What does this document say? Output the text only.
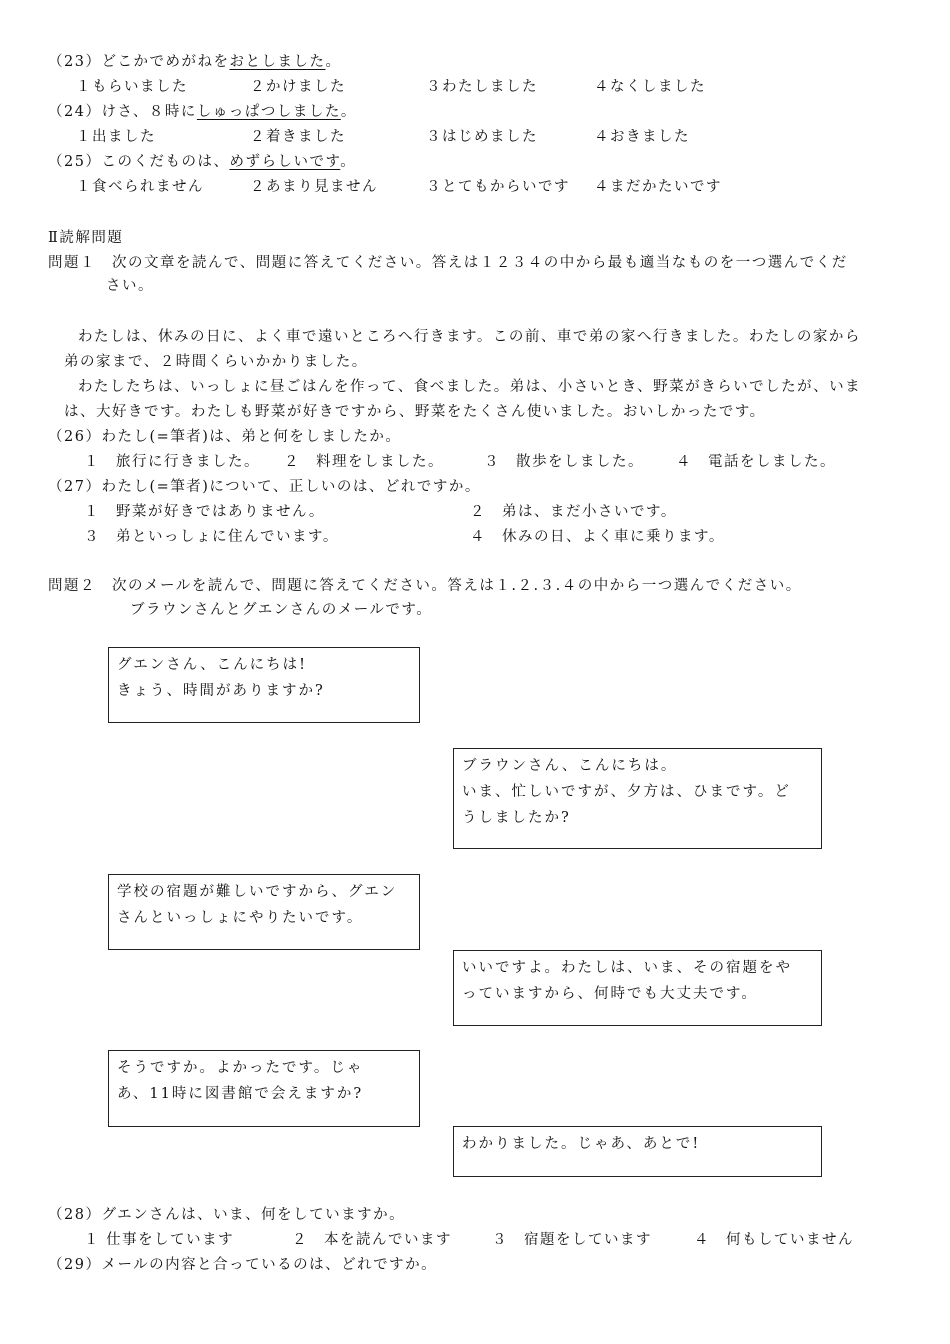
（23）どこかでめがねをおとしました。
１もらいました	２かけました	３わたしました	４なくしました
（24）けさ、８時にしゅっぱつしました。
１出ました	２着きました	３はじめました	４おきました
（25）このくだものは、めずらしいです。
１食べられません	２あまり見ません	３とてもからいです ４まだかたいです
Ⅱ読解問題
問題１　次の文章を読んで、問題に答えてください。答えは１２３４の中から最も適当なものを一つ選んでくだ
さい。
わたしは、休みの日に、よく車で遠いところへ行きます。この前、車で弟の家へ行きました。わたしの家から
弟の家まで、２時間くらいかかりました。
わたしたちは、いっしょに昼ごはんを作って、食べました。弟は、小さいとき、野菜がきらいでしたが、いま
は、大好きです。わたしも野菜が好きですから、野菜をたくさん使いました。おいしかったです。
（26）わたし(=筆者)は、弟と何をしましたか。
１　旅行に行きました。 ２　料理をしました。	３　散歩をしました。 ４　電話をしました。
（27）わたし(=筆者)について、正しいのは、どれですか。
１　野菜が好きではありません。	２　弟は、まだ小さいです。
３　弟といっしょに住んでいます。	４　休みの日、よく車に乗ります。
問題２　次のメールを読んで、問題に答えてください。答えは１.２.３.４の中から一つ選んでください。
ブラウンさんとグエンさんのメールです。
グエンさん、こんにちは!
きょう、時間がありますか?
ブラウンさん、こんにちは。
いま、忙しいですが、夕方は、ひまです。ど
うしましたか?
学校の宿題が難しいですから、グエン
さんといっしょにやりたいです。
いいですよ。わたしは、いま、その宿題をや
っていますから、何時でも大丈夫です。
そうですか。よかったです。じゃ
あ、11時に図書館で会えますか?
わかりました。じゃあ、あとで!
（28）グエンさんは、いま、何をしていますか。
１ 仕事をしています	２　本を読んでいます	３　宿題をしています	４　何もしていません
（29）メールの内容と合っているのは、どれですか。
